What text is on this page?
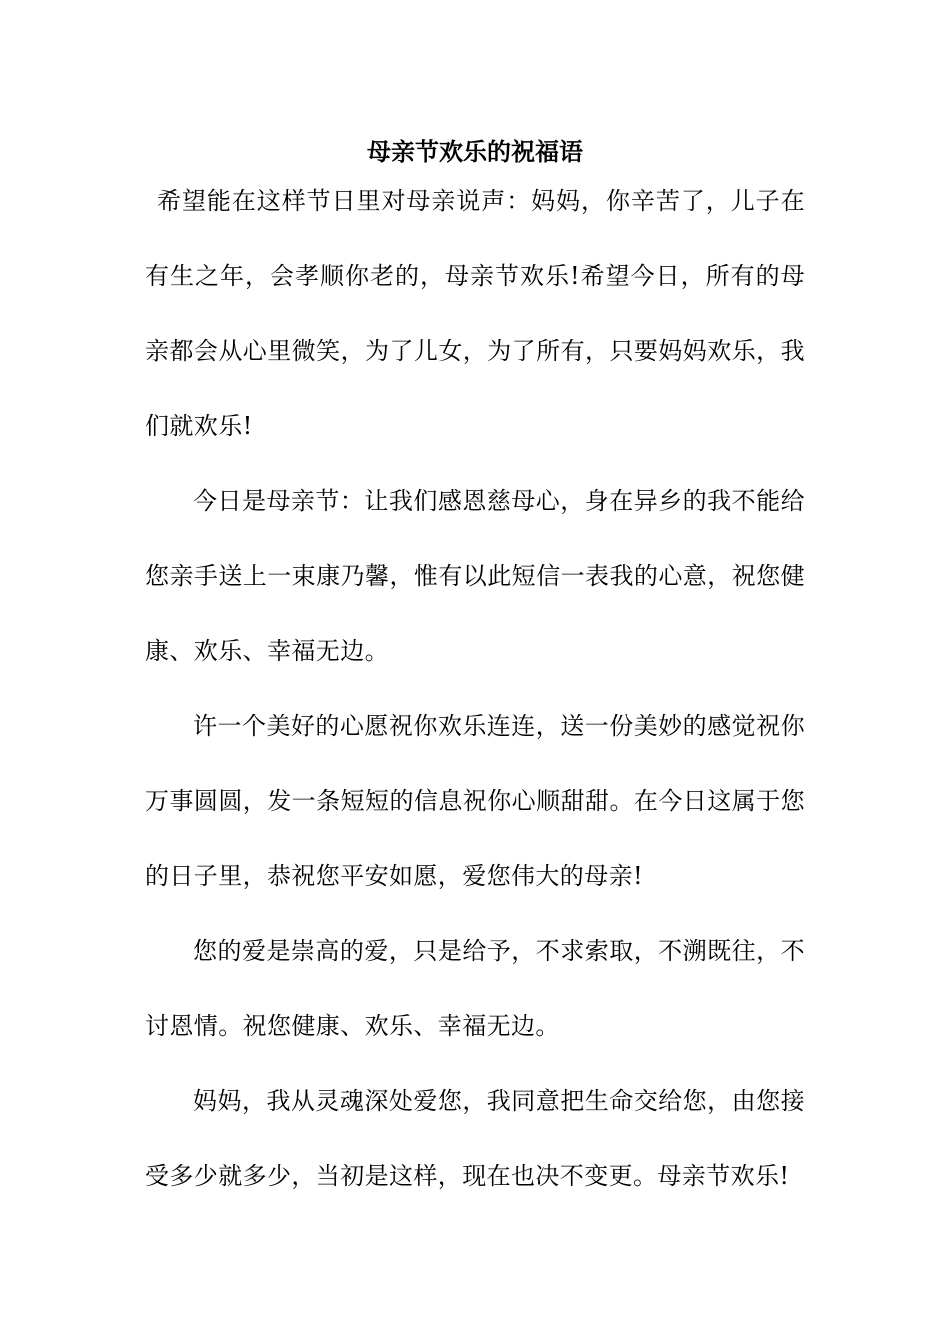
母亲节欢乐的祝福语

希望能在这样节日里对母亲说声：妈妈，你辛苦了，儿子在有生之年，会孝顺你老的，母亲节欢乐!希望今日，所有的母亲都会从心里微笑，为了儿女，为了所有，只要妈妈欢乐，我们就欢乐!

今日是母亲节：让我们感恩慈母心，身在异乡的我不能给您亲手送上一束康乃馨，惟有以此短信一表我的心意，祝您健康、欢乐、幸福无边。

许一个美好的心愿祝你欢乐连连，送一份美妙的感觉祝你万事圆圆，发一条短短的信息祝你心顺甜甜。在今日这属于您的日子里，恭祝您平安如愿，爱您伟大的母亲!

您的爱是崇高的爱，只是给予，不求索取，不溯既往，不讨恩情。祝您健康、欢乐、幸福无边。

妈妈，我从灵魂深处爱您，我同意把生命交给您，由您接受多少就多少，当初是这样，现在也决不变更。母亲节欢乐!
